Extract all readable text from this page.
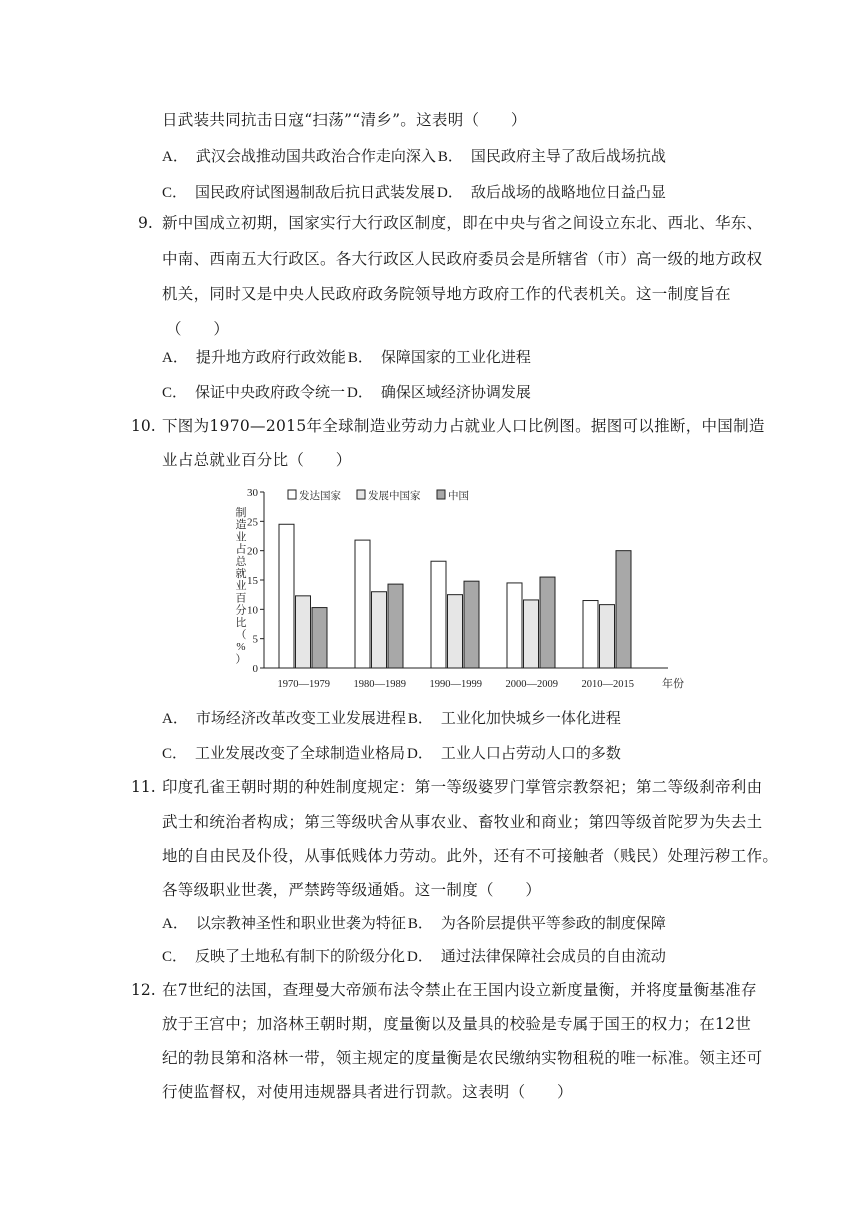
日武装共同抗击日寇“扫荡”“清乡”。这表明（　　）
A． 武汉会战推动国共政治合作走向深入 B． 国民政府主导了敌后战场抗战
C． 国民政府试图遏制敌后抗日武装发展 D． 敌后战场的战略地位日益凸显
9. 新中国成立初期，国家实行大行政区制度，即在中央与省之间设立东北、西北、华东、
中南、西南五大行政区。各大行政区人民政府委员会是所辖省（市）高一级的地方政权
机关，同时又是中央人民政府政务院领导地方政府工作的代表机关。这一制度旨在
（　　）
A． 提升地方政府行政效能 B． 保障国家的工业化进程
C． 保证中央政府政令统一 D． 确保区域经济协调发展
10. 下图为1970—2015年全球制造业劳动力占就业人口比例图。据图可以推断，中国制造
业占总就业百分比（　　）
制
造
业
占
总
就
业
百
分
比
（
%
）
0
5
10
15
20
25
30
年份
1970—1979 1980—1989 1990—1999 2000—2009 2010—2015
发达国家	发展中国家	中国
A． 市场经济改革改变工业发展进程 B． 工业化加快城乡一体化进程
C． 工业发展改变了全球制造业格局 D． 工业人口占劳动人口的多数
11. 印度孔雀王朝时期的种姓制度规定：第一等级婆罗门掌管宗教祭祀；第二等级刹帝利由
武士和统治者构成；第三等级吠舍从事农业、畜牧业和商业；第四等级首陀罗为失去土
地的自由民及仆役，从事低贱体力劳动。此外，还有不可接触者（贱民）处理污秽工作。
各等级职业世袭，严禁跨等级通婚。这一制度（　　）
A． 以宗教神圣性和职业世袭为特征 B． 为各阶层提供平等参政的制度保障
C． 反映了土地私有制下的阶级分化 D． 通过法律保障社会成员的自由流动
12. 在7世纪的法国，查理曼大帝颁布法令禁止在王国内设立新度量衡，并将度量衡基准存
放于王宫中；加洛林王朝时期，度量衡以及量具的校验是专属于国王的权力；在12世
纪的勃艮第和洛林一带，领主规定的度量衡是农民缴纳实物租税的唯一标准。领主还可
行使监督权，对使用违规器具者进行罚款。这表明（　　）
